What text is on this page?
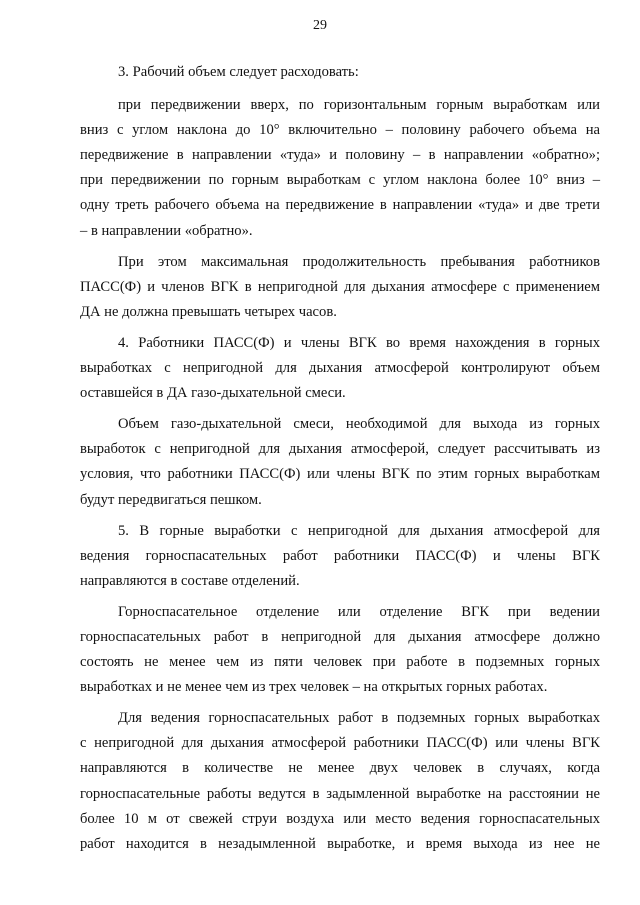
29

3. Рабочий объем следует расходовать:

при передвижении вверх, по горизонтальным горным выработкам или
вниз с углом наклона до 10° включительно – половину рабочего объема на
передвижение в направлении «туда» и половину – в направлении «обратно»;
при передвижении по горным выработкам с углом наклона более 10° вниз –
одну треть рабочего объема на передвижение в направлении «туда» и две трети
– в направлении «обратно».

При этом максимальная продолжительность пребывания работников
ПАСС(Ф) и членов ВГК в непригодной для дыхания атмосфере с применением
ДА не должна превышать четырех часов.

4. Работники ПАСС(Ф) и члены ВГК во время нахождения в горных
выработках с непригодной для дыхания атмосферой контролируют объем
оставшейся в ДА газо-дыхательной смеси.

Объем газо-дыхательной смеси, необходимой для выхода из горных
выработок с непригодной для дыхания атмосферой, следует рассчитывать из
условия, что работники ПАСС(Ф) или члены ВГК по этим горных выработкам
будут передвигаться пешком.

5. В горные выработки с непригодной для дыхания атмосферой для
ведения горноспасательных работ работники ПАСС(Ф) и члены ВГК
направляются в составе отделений.

Горноспасательное отделение или отделение ВГК при ведении
горноспасательных работ в непригодной для дыхания атмосфере должно
состоять не менее чем из пяти человек при работе в подземных горных
выработках и не менее чем из трех человек – на открытых горных работах.

Для ведения горноспасательных работ в подземных горных выработках
с непригодной для дыхания атмосферой работники ПАСС(Ф) или члены ВГК
направляются в количестве не менее двух человек в случаях, когда
горноспасательные работы ведутся в задымленной выработке на расстоянии не
более 10 м от свежей струи воздуха или место ведения горноспасательных
работ находится в незадымленной выработке, и время выхода из нее не
